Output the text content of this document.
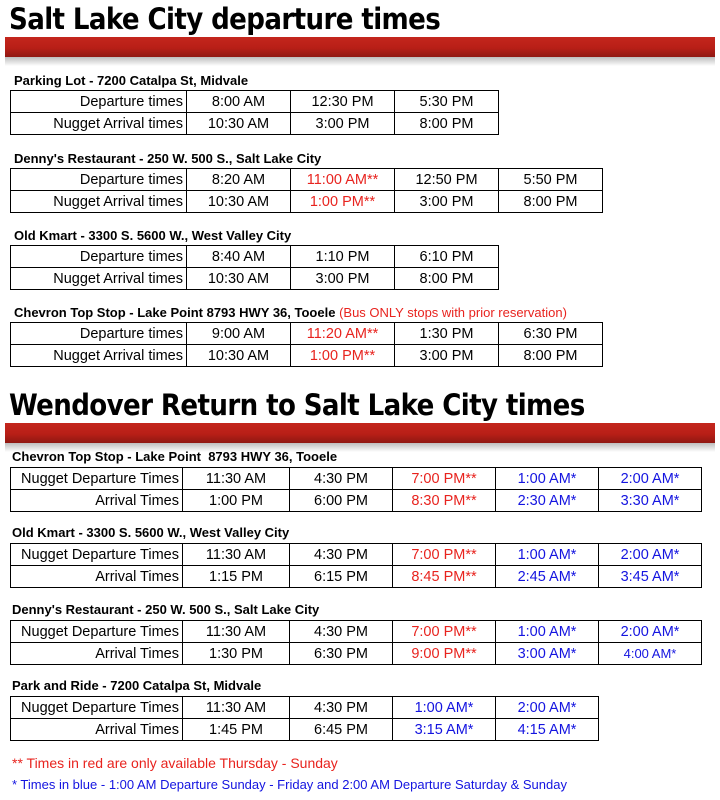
Salt Lake City departure times
Parking Lot - 7200 Catalpa St, Midvale
Departure times	8:00 AM	12:30 PM	5:30 PM
Nugget Arrival times	10:30 AM	3:00 PM	8:00 PM
Denny's Restaurant - 250 W. 500 S., Salt Lake City
Departure times	8:20 AM	11:00 AM**	12:50 PM	5:50 PM
Nugget Arrival times	10:30 AM	1:00 PM**	3:00 PM	8:00 PM
Old Kmart - 3300 S. 5600 W., West Valley City
Departure times	8:40 AM	1:10 PM	6:10 PM
Nugget Arrival times	10:30 AM	3:00 PM	8:00 PM
Chevron Top Stop - Lake Point 8793 HWY 36, Tooele (Bus ONLY stops with prior reservation)
Departure times	9:00 AM	11:20 AM**	1:30 PM	6:30 PM
Nugget Arrival times	10:30 AM	1:00 PM**	3:00 PM	8:00 PM
Wendover Return to Salt Lake City times
Chevron Top Stop - Lake Point  8793 HWY 36, Tooele
Nugget Departure Times	11:30 AM	4:30 PM	7:00 PM**	1:00 AM*	2:00 AM*
Arrival Times	1:00 PM	6:00 PM	8:30 PM**	2:30 AM*	3:30 AM*
Old Kmart - 3300 S. 5600 W., West Valley City
Nugget Departure Times	11:30 AM	4:30 PM	7:00 PM**	1:00 AM*	2:00 AM*
Arrival Times	1:15 PM	6:15 PM	8:45 PM**	2:45 AM*	3:45 AM*
Denny's Restaurant - 250 W. 500 S., Salt Lake City
Nugget Departure Times	11:30 AM	4:30 PM	7:00 PM**	1:00 AM*	2:00 AM*
Arrival Times	1:30 PM	6:30 PM	9:00 PM**	3:00 AM*	4:00 AM*
Park and Ride - 7200 Catalpa St, Midvale
Nugget Departure Times	11:30 AM	4:30 PM	1:00 AM*	2:00 AM*
Arrival Times	1:45 PM	6:45 PM	3:15 AM*	4:15 AM*
** Times in red are only available Thursday - Sunday
* Times in blue - 1:00 AM Departure Sunday - Friday and 2:00 AM Departure Saturday & Sunday
